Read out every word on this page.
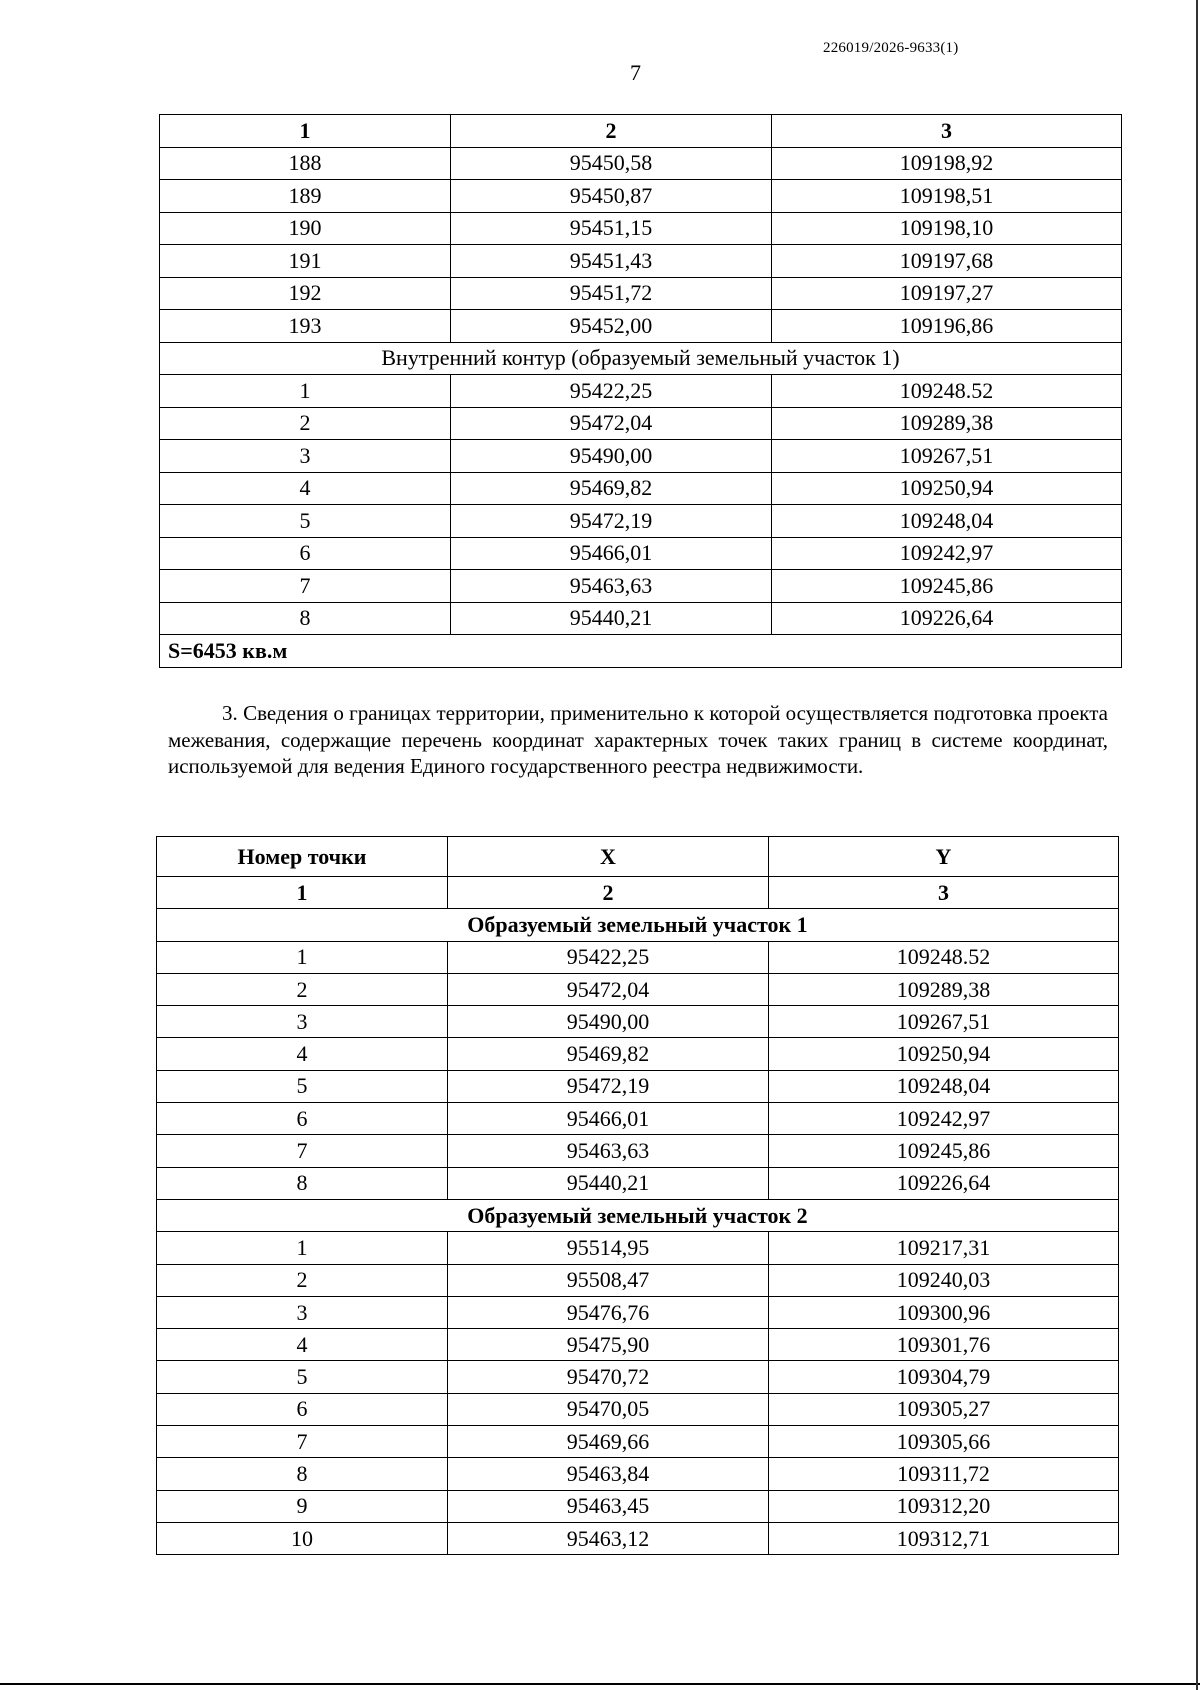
226019/2026-9633(1)
7
1	2	3
188	95450,58	109198,92
189	95450,87	109198,51
190	95451,15	109198,10
191	95451,43	109197,68
192	95451,72	109197,27
193	95452,00	109196,86
Внутренний контур (образуемый земельный участок 1)		
1	95422,25	109248.52
2	95472,04	109289,38
3	95490,00	109267,51
4	95469,82	109250,94
5	95472,19	109248,04
6	95466,01	109242,97
7	95463,63	109245,86
8	95440,21	109226,64
S=6453 кв.м		

3. Сведения о границах территории, применительно к которой осуществляется подготовка проекта межевания, содержащие перечень координат характерных точек таких границ в системе координат, используемой для ведения Единого государственного реестра недвижимости.

Номер точки	X	Y
1	2	3
Образуемый земельный участок 1		
1	95422,25	109248.52
2	95472,04	109289,38
3	95490,00	109267,51
4	95469,82	109250,94
5	95472,19	109248,04
6	95466,01	109242,97
7	95463,63	109245,86
8	95440,21	109226,64
Образуемый земельный участок 2		
1	95514,95	109217,31
2	95508,47	109240,03
3	95476,76	109300,96
4	95475,90	109301,76
5	95470,72	109304,79
6	95470,05	109305,27
7	95469,66	109305,66
8	95463,84	109311,72
9	95463,45	109312,20
10	95463,12	109312,71
